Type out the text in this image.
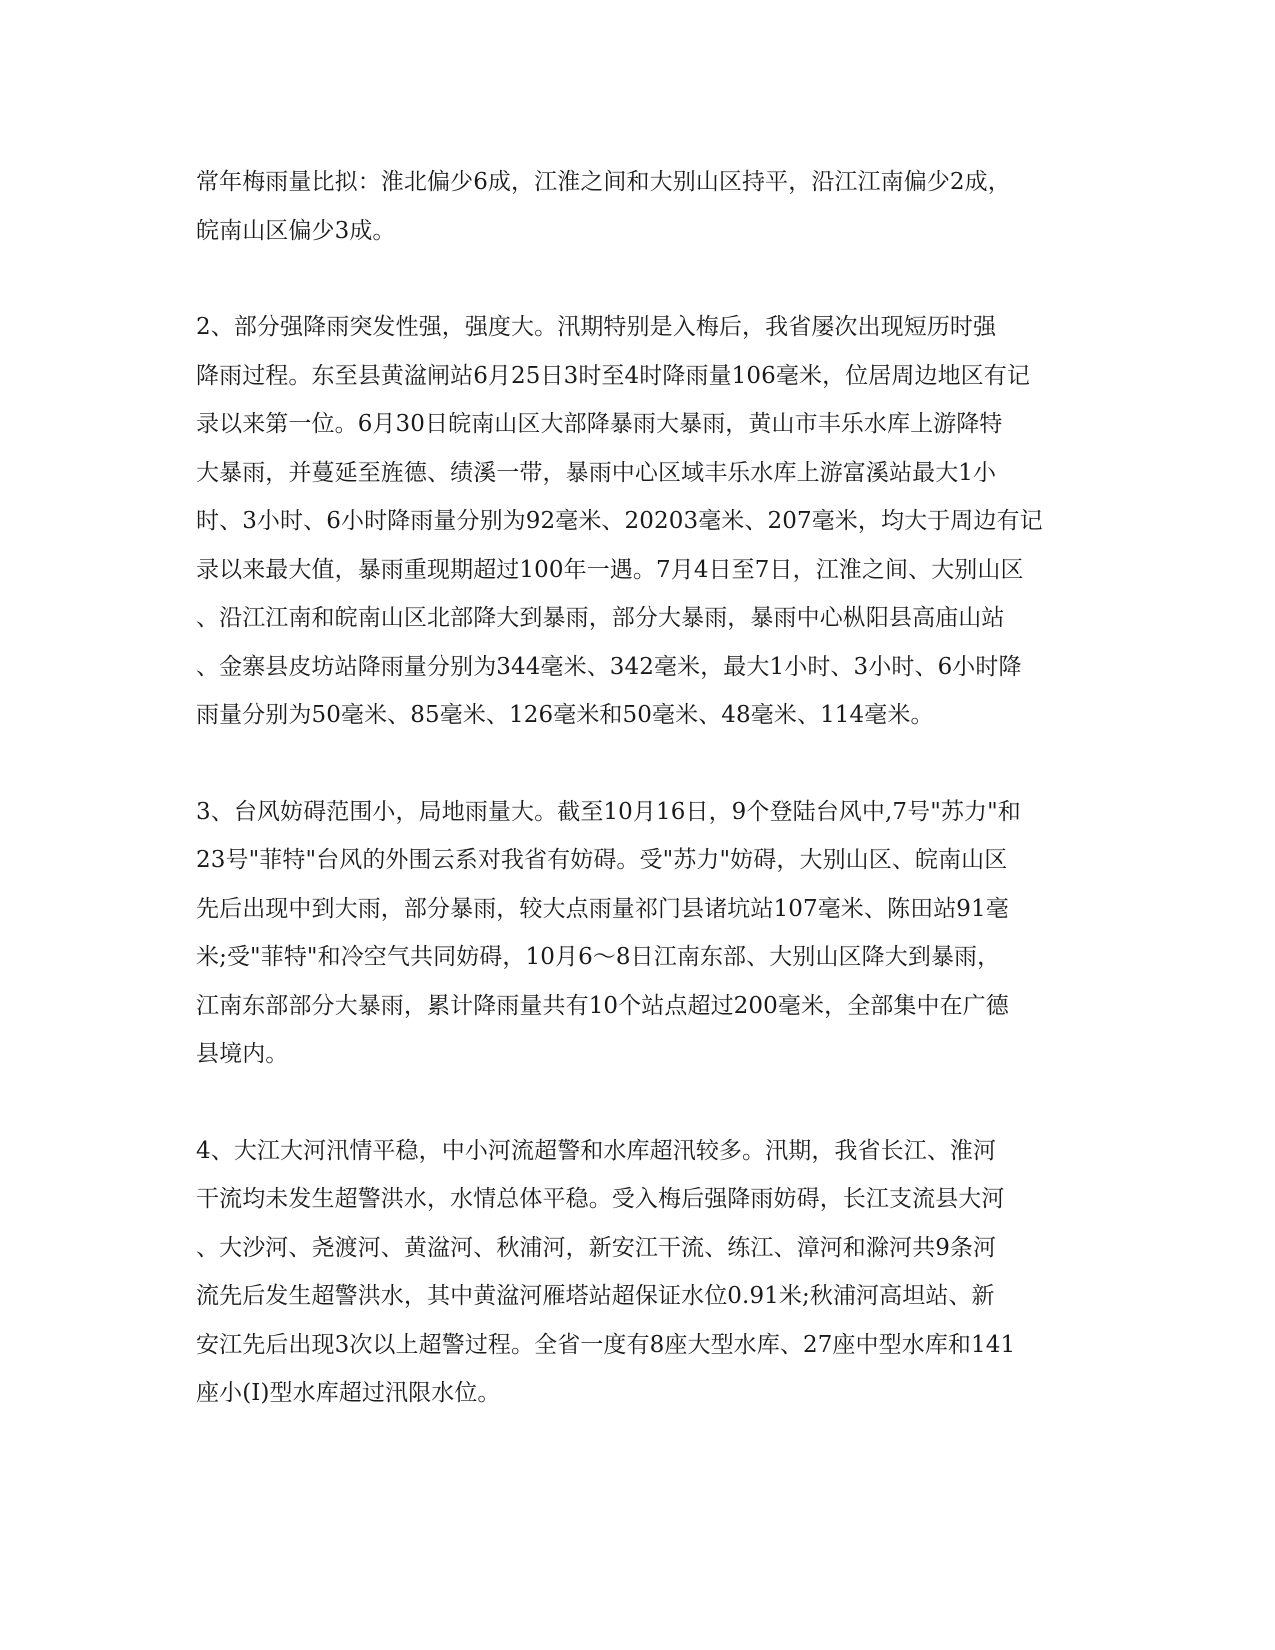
常年梅雨量比拟：淮北偏少6成，江淮之间和大别山区持平，沿江江南偏少2成，
皖南山区偏少3成。

2、部分强降雨突发性强，强度大。汛期特别是入梅后，我省屡次出现短历时强
降雨过程。东至县黄湓闸站6月25日3时至4时降雨量106毫米，位居周边地区有记
录以来第一位。6月30日皖南山区大部降暴雨大暴雨，黄山市丰乐水库上游降特
大暴雨，并蔓延至旌德、绩溪一带，暴雨中心区域丰乐水库上游富溪站最大1小
时、3小时、6小时降雨量分别为92毫米、20203毫米、207毫米，均大于周边有记
录以来最大值，暴雨重现期超过100年一遇。7月4日至7日，江淮之间、大别山区
、沿江江南和皖南山区北部降大到暴雨，部分大暴雨，暴雨中心枞阳县高庙山站
、金寨县皮坊站降雨量分别为344毫米、342毫米，最大1小时、3小时、6小时降
雨量分别为50毫米、85毫米、126毫米和50毫米、48毫米、114毫米。

3、台风妨碍范围小，局地雨量大。截至10月16日，9个登陆台风中,7号"苏力"和
23号"菲特"台风的外围云系对我省有妨碍。受"苏力"妨碍，大别山区、皖南山区
先后出现中到大雨，部分暴雨，较大点雨量祁门县诸坑站107毫米、陈田站91毫
米;受"菲特"和冷空气共同妨碍，10月6～8日江南东部、大别山区降大到暴雨，
江南东部部分大暴雨，累计降雨量共有10个站点超过200毫米，全部集中在广德
县境内。

4、大江大河汛情平稳，中小河流超警和水库超汛较多。汛期，我省长江、淮河
干流均未发生超警洪水，水情总体平稳。受入梅后强降雨妨碍，长江支流县大河
、大沙河、尧渡河、黄湓河、秋浦河，新安江干流、练江、漳河和滁河共9条河
流先后发生超警洪水，其中黄湓河雁塔站超保证水位0.91米;秋浦河高坦站、新
安江先后出现3次以上超警过程。全省一度有8座大型水库、27座中型水库和141
座小(I)型水库超过汛限水位。
